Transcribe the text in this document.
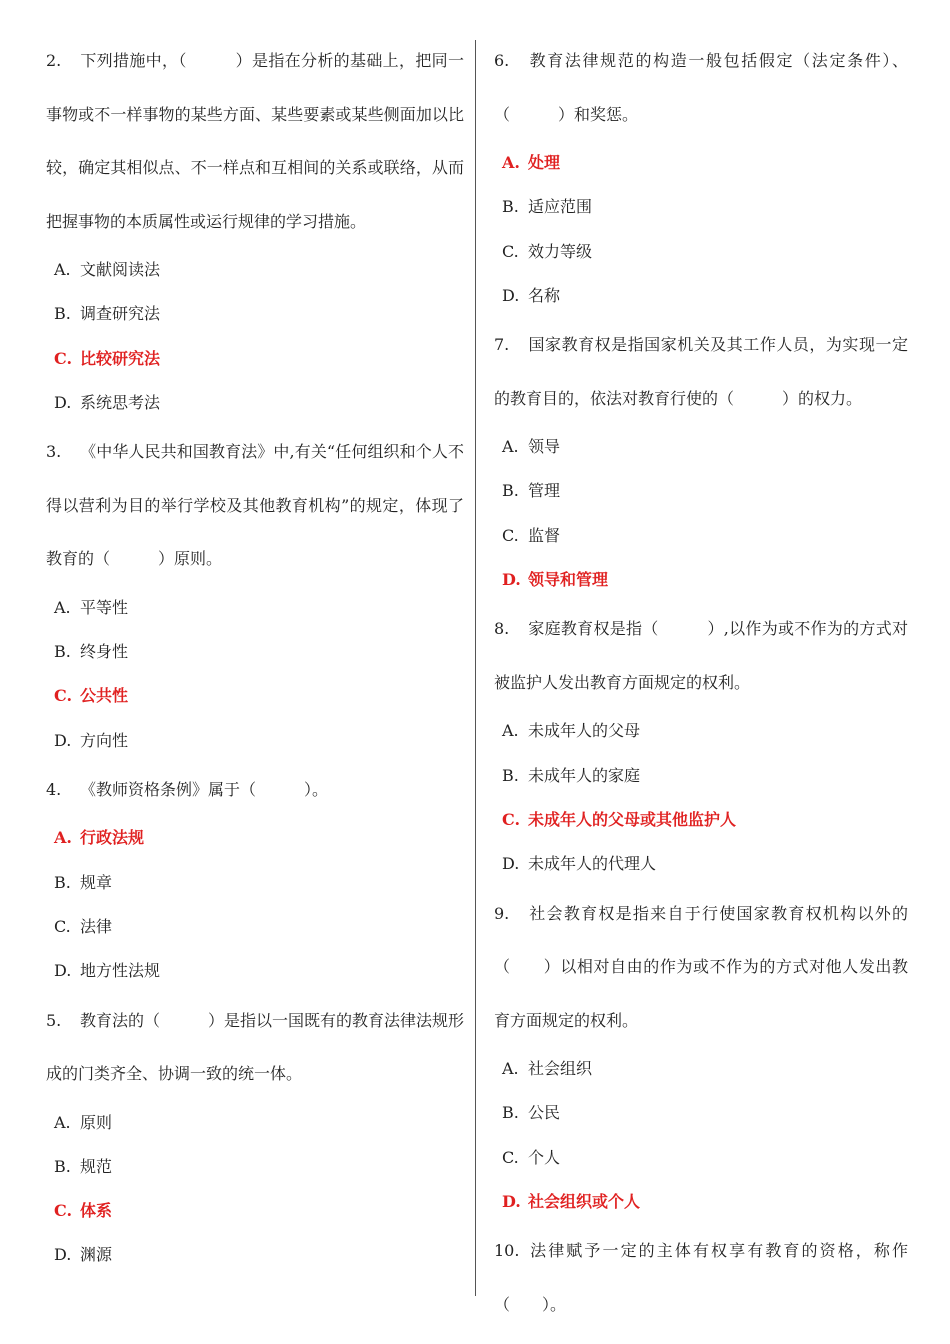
2. 下列措施中，（　　　）是指在分析的基础上，把同一事物或不一样事物的某些方面、某些要素或某些侧面加以比较，确定其相似点、不一样点和互相间的关系或联络，从而把握事物的本质属性或运行规律的学习措施。

A. 文献阅读法
B. 调查研究法
C. 比较研究法
D. 系统思考法

3. 《中华人民共和国教育法》中,有关“任何组织和个人不得以营利为目的举行学校及其他教育机构”的规定，体现了教育的（　　　）原则。

A. 平等性
B. 终身性
C. 公共性
D. 方向性

4. 《教师资格条例》属于（　　　）。

A. 行政法规
B. 规章
C. 法律
D. 地方性法规

5. 教育法的（　　　）是指以一国既有的教育法律法规形成的门类齐全、协调一致的统一体。

A. 原则
B. 规范
C. 体系
D. 渊源

6. 教育法律规范的构造一般包括假定（法定条件）、（　　　）和奖惩。

A. 处理
B. 适应范围
C. 效力等级
D. 名称

7. 国家教育权是指国家机关及其工作人员，为实现一定的教育目的，依法对教育行使的（　　　）的权力。

A. 领导
B. 管理
C. 监督
D. 领导和管理

8. 家庭教育权是指（　　　）,以作为或不作为的方式对被监护人发出教育方面规定的权利。

A. 未成年人的父母
B. 未成年人的家庭
C. 未成年人的父母或其他监护人
D. 未成年人的代理人

9. 社会教育权是指来自于行使国家教育权机构以外的（　　）以相对自由的作为或不作为的方式对他人发出教育方面规定的权利。

A. 社会组织
B. 公民
C. 个人
D. 社会组织或个人

10. 法律赋予一定的主体有权享有教育的资格，称作（　　）。
